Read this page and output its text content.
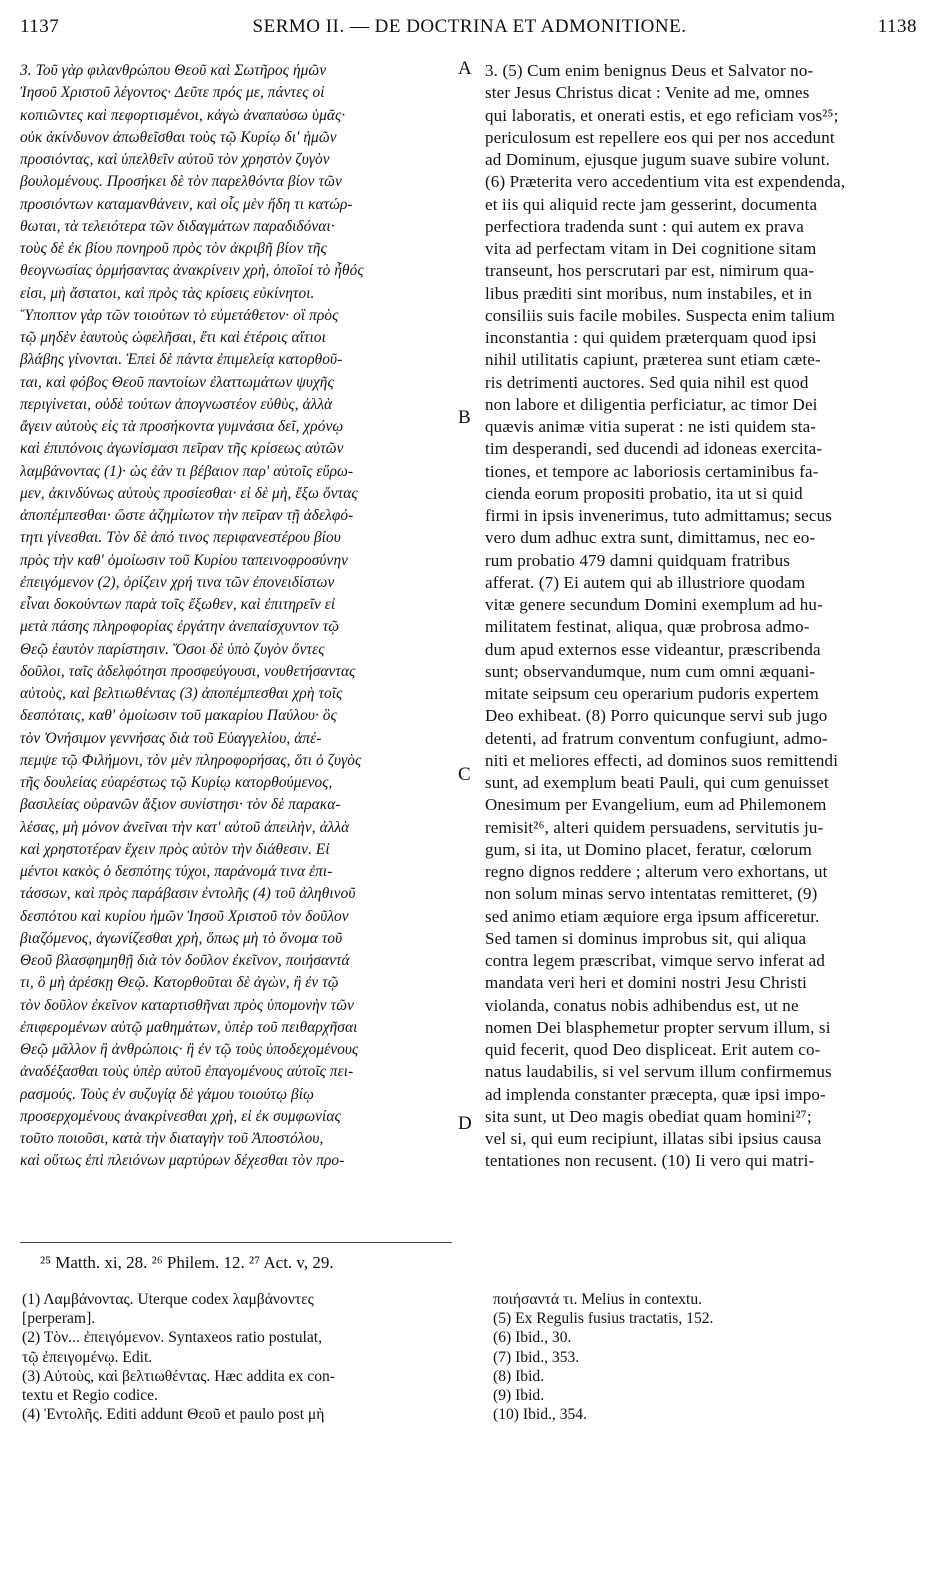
1137	SERMO II. — DE DOCTRINA ET ADMONITIONE.	1138
3. Τοῦ γὰρ φιλανθρώπου Θεοῦ καὶ Σωτῆρος ἡμῶν
Ἰησοῦ Χριστοῦ λέγοντος· Δεῦτε πρός με, πάντες οἱ
κοπιῶντες καὶ πεφορτισμένοι, κἀγὼ ἀναπαύσω ὑμᾶς·
οὐκ ἀκίνδυνον ἀπωθεῖσθαι τοὺς τῷ Κυρίῳ δι' ἡμῶν
προσιόντας, καὶ ὑπελθεῖν αὐτοῦ τὸν χρηστὸν ζυγὸν
βουλομένους. Προσήκει δὲ τὸν παρελθόντα βίον τῶν
προσιόντων καταμανθάνειν, καὶ οἷς μὲν ἤδη τι κατώρ-
θωται, τὰ τελειότερα τῶν διδαγμάτων παραδιδόναι·
τοὺς δὲ ἐκ βίου πονηροῦ πρὸς τὸν ἀκριβῆ βίον τῆς
θεογνωσίας ὁρμήσαντας ἀνακρίνειν χρὴ, ὁποῖοί τὸ ἦθός
εἰσι, μὴ ἄστατοι, καὶ πρὸς τὰς κρίσεις εὐκίνητοι.
Ὕποπτον γὰρ τῶν τοιούτων τὸ εὐμετάθετον· οἳ πρὸς
τῷ μηδὲν ἑαυτοὺς ὠφελῆσαι, ἔτι καὶ ἑτέροις αἴτιοι
βλάβης γίνονται. Ἐπεὶ δὲ πάντα ἐπιμελείᾳ κατορθοῦ-
ται, καὶ φόβος Θεοῦ παντοίων ἐλαττωμάτων ψυχῆς
περιγίνεται, οὐδὲ τούτων ἀπογνωστέον εὐθὺς, ἀλλὰ
ἄγειν αὐτοὺς εἰς τὰ προσήκοντα γυμνάσια δεῖ, χρόνῳ
καὶ ἐπιπόνοις ἀγωνίσμασι πεῖραν τῆς κρίσεως αὐτῶν
λαμβάνοντας (1)· ὡς ἐάν τι βέβαιον παρ' αὐτοῖς εὕρω-
μεν, ἀκινδύνως αὐτοὺς προσίεσθαι· εἰ δὲ μὴ, ἔξω ὄντας
ἀποπέμπεσθαι· ὥστε ἀζημίωτον τὴν πεῖραν τῇ ἀδελφό-
τητι γίνεσθαι. Τὸν δὲ ἀπό τινος περιφανεστέρου βίου
πρὸς τὴν καθ' ὁμοίωσιν τοῦ Κυρίου ταπεινοφροσύνην
ἐπειγόμενον (2), ὁρίζειν χρή τινα τῶν ἐπονειδίστων
εἶναι δοκούντων παρὰ τοῖς ἔξωθεν, καὶ ἐπιτηρεῖν εἰ
μετὰ πάσης πληροφορίας ἐργάτην ἀνεπαίσχυντον τῷ
Θεῷ ἑαυτὸν παρίστησιν. Ὅσοι δὲ ὑπὸ ζυγὸν ὄντες
δοῦλοι, ταῖς ἀδελφότησι προσφεύγουσι, νουθετήσαντας
αὐτοὺς, καὶ βελτιωθέντας (3) ἀποπέμπεσθαι χρὴ τοῖς
δεσπόταις, καθ' ὁμοίωσιν τοῦ μακαρίου Παύλου· ὃς
τὸν Ὀνήσιμον γεννήσας διὰ τοῦ Εὐαγγελίου, ἀπέ-
πεμψε τῷ Φιλήμονι, τὸν μὲν πληροφορήσας, ὅτι ὁ ζυγὸς
τῆς δουλείας εὐαρέστως τῷ Κυρίῳ κατορθούμενος,
βασιλείας οὐρανῶν ἄξιον συνίστησι· τὸν δὲ παρακα-
λέσας, μὴ μόνον ἀνεῖναι τὴν κατ' αὐτοῦ ἀπειλὴν, ἀλλὰ
καὶ χρηστοτέραν ἔχειν πρὸς αὐτὸν τὴν διάθεσιν. Εἰ
μέντοι κακὸς ὁ δεσπότης τύχοι, παράνομά τινα ἐπι-
τάσσων, καὶ πρὸς παράβασιν ἐντολῆς (4) τοῦ ἀληθινοῦ
δεσπότου καὶ κυρίου ἡμῶν Ἰησοῦ Χριστοῦ τὸν δοῦλον
βιαζόμενος, ἀγωνίζεσθαι χρὴ, ὅπως μὴ τὸ ὄνομα τοῦ
Θεοῦ βλασφημηθῇ διὰ τὸν δοῦλον ἐκεῖνον, ποιήσαντά
τι, ὃ μὴ ἀρέσκῃ Θεῷ. Κατορθοῦται δὲ ἀγὼν, ἢ ἐν τῷ
τὸν δοῦλον ἐκεῖνον καταρτισθῆναι πρὸς ὑπομονὴν τῶν
ἐπιφερομένων αὐτῷ μαθημάτων, ὑπὲρ τοῦ πειθαρχῆσαι
Θεῷ μᾶλλον ἢ ἀνθρώποις· ἢ ἐν τῷ τοὺς ὑποδεχομένους
ἀναδέξασθαι τοὺς ὑπὲρ αὐτοῦ ἐπαγομένους αὐτοῖς πει-
ρασμούς. Τοὺς ἐν συζυγίᾳ δὲ γάμου τοιούτῳ βίῳ
προσερχομένους ἀνακρίνεσθαι χρὴ, εἰ ἐκ συμφωνίας
τοῦτο ποιοῦσι, κατὰ τὴν διαταγὴν τοῦ Ἀποστόλου,
καὶ οὕτως ἐπὶ πλειόνων μαρτύρων δέχεσθαι τὸν προ-
3. (5) Cum enim benignus Deus et Salvator no-
ster Jesus Christus dicat : Venite ad me, omnes
qui laboratis, et onerati estis, et ego reficiam vos²⁵;
periculosum est repellere eos qui per nos accedunt
ad Dominum, ejusque jugum suave subire volunt.
(6) Præterita vero accedentium vita est expendenda,
et iis qui aliquid recte jam gesserint, documenta
perfectiora tradenda sunt : qui autem ex prava
vita ad perfectam vitam in Dei cognitione sitam
transeunt, hos perscrutari par est, nimirum qua-
libus præditi sint moribus, num instabiles, et in
consiliis suis facile mobiles. Suspecta enim talium
inconstantia : qui quidem præterquam quod ipsi
nihil utilitatis capiunt, præterea sunt etiam cæte-
ris detrimenti auctores. Sed quia nihil est quod
non labore et diligentia perficiatur, ac timor Dei
quævis animæ vitia superat : ne isti quidem sta-
tim desperandi, sed ducendi ad idoneas exercita-
tiones, et tempore ac laboriosis certaminibus fa-
cienda eorum propositi probatio, ita ut si quid
firmi in ipsis invenerimus, tuto admittamus; secus
vero dum adhuc extra sunt, dimittamus, nec eo-
rum probatio 479 damni quidquam fratribus
afferat. (7) Ei autem qui ab illustriore quodam
vitæ genere secundum Domini exemplum ad hu-
militatem festinat, aliqua, quæ probrosa admo-
dum apud externos esse videantur, præscribenda
sunt; observandumque, num cum omni æquani-
mitate seipsum ceu operarium pudoris expertem
Deo exhibeat. (8) Porro quicunque servi sub jugo
detenti, ad fratrum conventum confugiunt, admo-
niti et meliores effecti, ad dominos suos remittendi
sunt, ad exemplum beati Pauli, qui cum genuisset
Onesimum per Evangelium, eum ad Philemonem
remisit²⁶, alteri quidem persuadens, servitutis ju-
gum, si ita, ut Domino placet, feratur, cœlorum
regno dignos reddere ; alterum vero exhortans, ut
non solum minas servo intentatas remitteret, (9)
sed animo etiam æquiore erga ipsum afficeretur.
Sed tamen si dominus improbus sit, qui aliqua
contra legem præscribat, vimque servo inferat ad
mandata veri heri et domini nostri Jesu Christi
violanda, conatus nobis adhibendus est, ut ne
nomen Dei blasphemetur propter servum illum, si
quid fecerit, quod Deo displiceat. Erit autem co-
natus laudabilis, si vel servum illum confirmemus
ad implenda constanter præcepta, quæ ipsi impo-
sita sunt, ut Deo magis obediat quam homini²⁷;
vel si, qui eum recipiunt, illatas sibi ipsius causa
tentationes non recusent. (10) Ii vero qui matri-
A
B
C
D
²⁵ Matth. xi, 28. ²⁶ Philem. 12. ²⁷ Act. v, 29.
(1) Λαμβάνοντας. Uterque codex λαμβάνοντες
[perperam].
(2) Τὸν... ἐπειγόμενον. Syntaxeos ratio postulat,
τῷ ἐπειγομένῳ. Edit.
(3) Αὐτοὺς, καὶ βελτιωθέντας. Hæc addita ex con-
textu et Regio codice.
(4) Ἐντολῆς. Editi addunt Θεοῦ et paulo post μὴ
ποιήσαντά τι. Melius in contextu.
(5) Ex Regulis fusius tractatis, 152.
(6) Ibid., 30.
(7) Ibid., 353.
(8) Ibid.
(9) Ibid.
(10) Ibid., 354.
